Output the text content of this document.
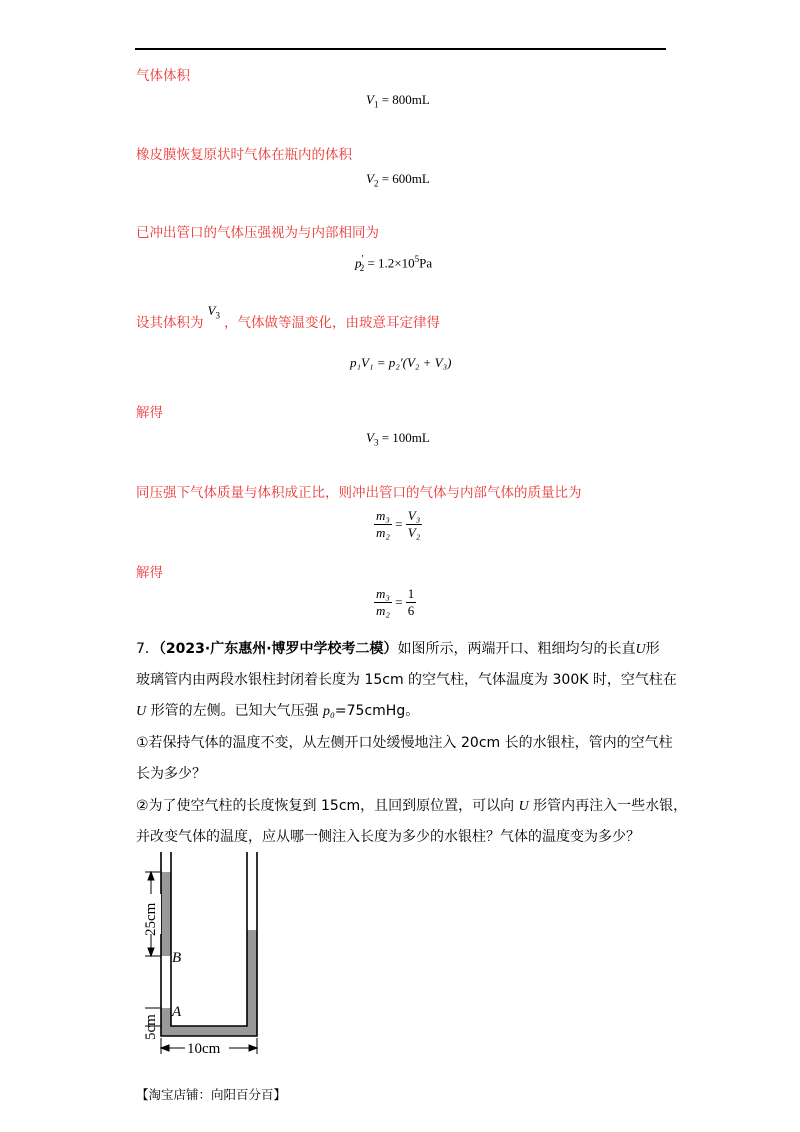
气体体积
$V_1 = 800mL$
橡皮膜恢复原状时气体在瓶内的体积
$V_2 = 600mL$
已冲出管口的气体压强视为与内部相同为
$p'_2 = 1.2\times 10^5Pa$
设其体积为$V_3$ ，气体做等温变化，由玻意耳定律得
p₁V₁ = p₂′(V₂ + V₃)
解得
$V_3 = 100mL$
同压强下气体质量与体积成正比，则冲出管口的气体与内部气体的质量比为
$\frac{\text{m₃}}{\text{m₂}} = \frac{\text{V₃}}{\text{V₂}}$
解得
$\frac{\text{m₃}}{\text{m₂}} = \frac{1}{6}$
7．（2023·广东惠州·博罗中学校考二模）如图所示，两端开口、粗细均匀的长直U形
玻璃管内由两段水银柱封闭着长度为 15cm 的空气柱，气体温度为 300K 时，空气柱在
U 形管的左侧。已知大气压强 p₀=75cmHg。
①若保持气体的温度不变，从左侧开口处缓慢地注入 20cm 长的水银柱，管内的空气柱
长为多少？
②为了使空气柱的长度恢复到 15cm，且回到原位置，可以向 U 形管内再注入一些水银，
并改变气体的温度，应从哪一侧注入长度为多少的水银柱？气体的温度变为多少？
25cm
5cm
B
A
10cm
【淘宝店铺：向阳百分百】
